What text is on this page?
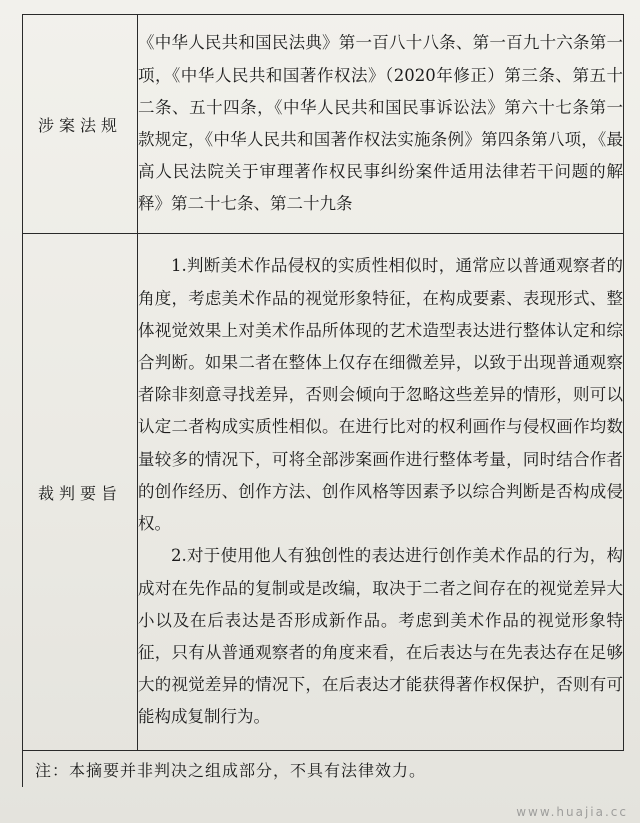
涉案法规	《中华人民共和国民法典》第一百八十八条、第一百九十六条第一项，《中华人民共和国著作权法》（2020年修正）第三条、第五十二条、五十四条，《中华人民共和国民事诉讼法》第六十七条第一款规定，《中华人民共和国著作权法实施条例》第四条第八项，《最高人民法院关于审理著作权民事纠纷案件适用法律若干问题的解释》第二十七条、第二十九条

裁判要旨	1.判断美术作品侵权的实质性相似时，通常应以普通观察者的角度，考虑美术作品的视觉形象特征，在构成要素、表现形式、整体视觉效果上对美术作品所体现的艺术造型表达进行整体认定和综合判断。如果二者在整体上仅存在细微差异，以致于出现普通观察者除非刻意寻找差异，否则会倾向于忽略这些差异的情形，则可以认定二者构成实质性相似。在进行比对的权利画作与侵权画作均数量较多的情况下，可将全部涉案画作进行整体考量，同时结合作者的创作经历、创作方法、创作风格等因素予以综合判断是否构成侵权。

2.对于使用他人有独创性的表达进行创作美术作品的行为，构成对在先作品的复制或是改编，取决于二者之间存在的视觉差异大小以及在后表达是否形成新作品。考虑到美术作品的视觉形象特征，只有从普通观察者的角度来看，在后表达与在先表达存在足够大的视觉差异的情况下，在后表达才能获得著作权保护，否则有可能构成复制行为。

注：本摘要并非判决之组成部分，不具有法律效力。	
www.huajia.cc
